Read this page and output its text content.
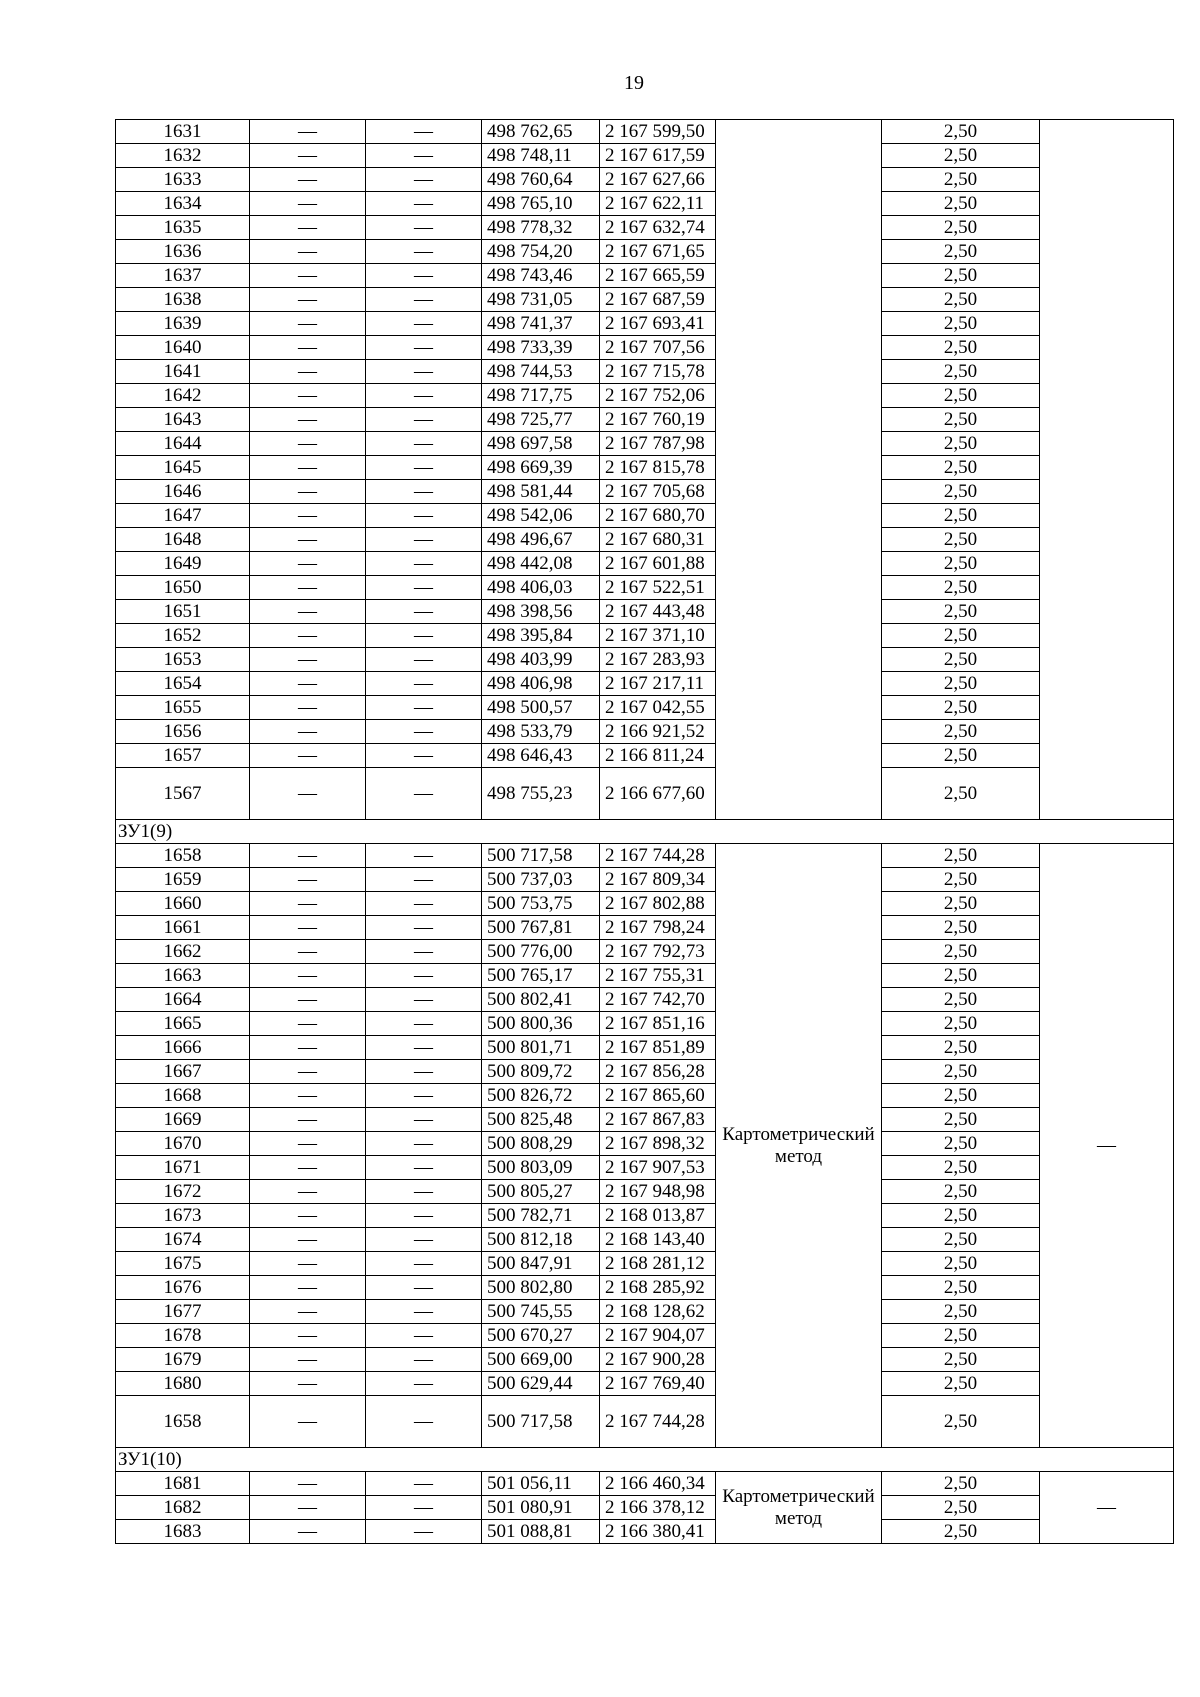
19
1631	—	—	498 762,65	2 167 599,50		2,50	
1632	—	—	498 748,11	2 167 617,59		2,50	
1633	—	—	498 760,64	2 167 627,66		2,50	
1634	—	—	498 765,10	2 167 622,11		2,50	
1635	—	—	498 778,32	2 167 632,74		2,50	
1636	—	—	498 754,20	2 167 671,65		2,50	
1637	—	—	498 743,46	2 167 665,59		2,50	
1638	—	—	498 731,05	2 167 687,59		2,50	
1639	—	—	498 741,37	2 167 693,41		2,50	
1640	—	—	498 733,39	2 167 707,56		2,50	
1641	—	—	498 744,53	2 167 715,78		2,50	
1642	—	—	498 717,75	2 167 752,06		2,50	
1643	—	—	498 725,77	2 167 760,19		2,50	
1644	—	—	498 697,58	2 167 787,98		2,50	
1645	—	—	498 669,39	2 167 815,78		2,50	
1646	—	—	498 581,44	2 167 705,68		2,50	
1647	—	—	498 542,06	2 167 680,70		2,50	
1648	—	—	498 496,67	2 167 680,31		2,50	
1649	—	—	498 442,08	2 167 601,88		2,50	
1650	—	—	498 406,03	2 167 522,51		2,50	
1651	—	—	498 398,56	2 167 443,48		2,50	
1652	—	—	498 395,84	2 167 371,10		2,50	
1653	—	—	498 403,99	2 167 283,93		2,50	
1654	—	—	498 406,98	2 167 217,11		2,50	
1655	—	—	498 500,57	2 167 042,55		2,50	
1656	—	—	498 533,79	2 166 921,52		2,50	
1657	—	—	498 646,43	2 166 811,24		2,50	
1567	—	—	498 755,23	2 166 677,60		2,50	
ЗУ1(9)							
1658	—	—	500 717,58	2 167 744,28	Картометрический метод	2,50	—
1659	—	—	500 737,03	2 167 809,34		2,50	
1660	—	—	500 753,75	2 167 802,88		2,50	
1661	—	—	500 767,81	2 167 798,24		2,50	
1662	—	—	500 776,00	2 167 792,73		2,50	
1663	—	—	500 765,17	2 167 755,31		2,50	
1664	—	—	500 802,41	2 167 742,70		2,50	
1665	—	—	500 800,36	2 167 851,16		2,50	
1666	—	—	500 801,71	2 167 851,89		2,50	
1667	—	—	500 809,72	2 167 856,28		2,50	
1668	—	—	500 826,72	2 167 865,60		2,50	
1669	—	—	500 825,48	2 167 867,83		2,50	
1670	—	—	500 808,29	2 167 898,32		2,50	
1671	—	—	500 803,09	2 167 907,53		2,50	
1672	—	—	500 805,27	2 167 948,98		2,50	
1673	—	—	500 782,71	2 168 013,87		2,50	
1674	—	—	500 812,18	2 168 143,40		2,50	
1675	—	—	500 847,91	2 168 281,12		2,50	
1676	—	—	500 802,80	2 168 285,92		2,50	
1677	—	—	500 745,55	2 168 128,62		2,50	
1678	—	—	500 670,27	2 167 904,07		2,50	
1679	—	—	500 669,00	2 167 900,28		2,50	
1680	—	—	500 629,44	2 167 769,40		2,50	
1658	—	—	500 717,58	2 167 744,28		2,50	
ЗУ1(10)							
1681	—	—	501 056,11	2 166 460,34	Картометрический метод	2,50	—
1682	—	—	501 080,91	2 166 378,12		2,50	
1683	—	—	501 088,81	2 166 380,41		2,50	
